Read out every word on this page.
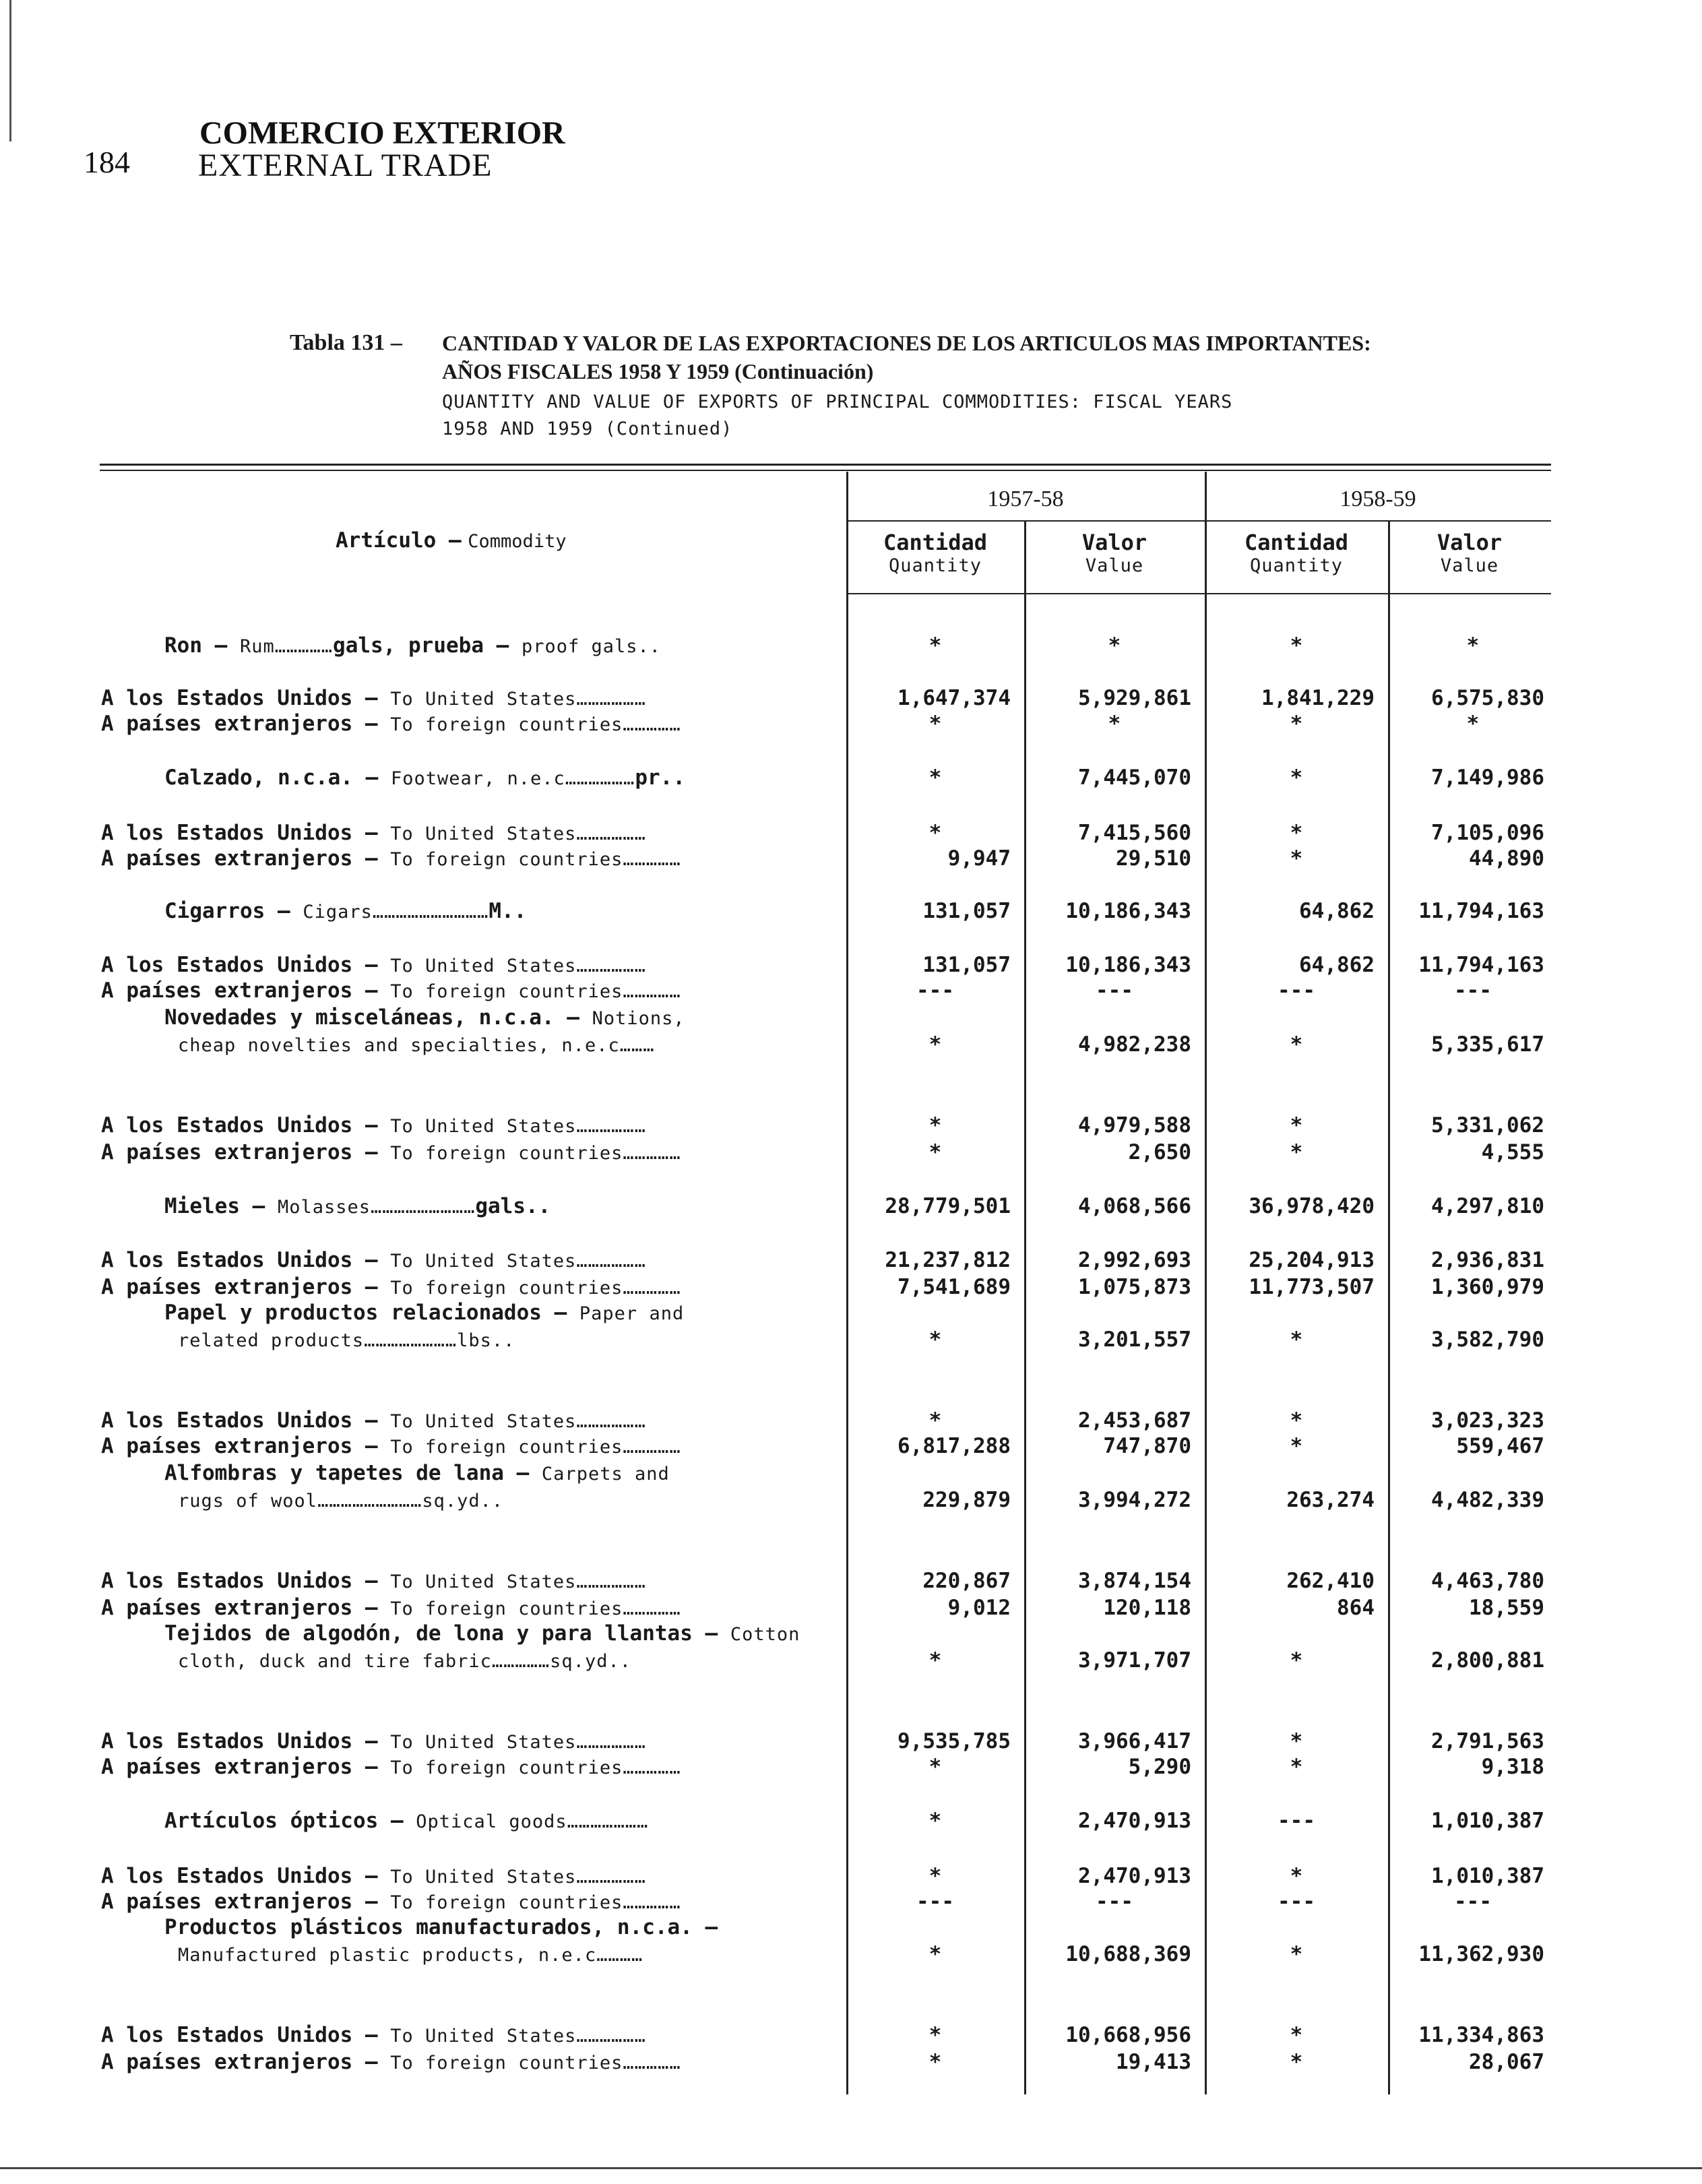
184
COMERCIO EXTERIOR
EXTERNAL TRADE
Tabla 131 – CANTIDAD Y VALOR DE LAS EXPORTACIONES DE LOS ARTICULOS MAS IMPORTANTES:
AÑOS FISCALES 1958 Y 1959 (Continuación)
QUANTITY AND VALUE OF EXPORTS OF PRINCIPAL COMMODITIES: FISCAL YEARS
1958 AND 1959 (Continued)
Artículo – Commodity
1957-58	1958-59
Cantidad
Quantity
Valor
Value
Cantidad
Quantity
Valor
Value
Ron – Rum……………gals, prueba – proof gals..	*	*	*	*
A los Estados Unidos – To United States………………	1,647,374	5,929,861	1,841,229	6,575,830
A países extranjeros – To foreign countries……………	*	*	*	*
Calzado, n.c.a. – Footwear, n.e.c………………pr..	*	7,445,070	*	7,149,986
A los Estados Unidos – To United States………………	*	7,415,560	*	7,105,096
A países extranjeros – To foreign countries……………	9,947	29,510	*	44,890
Cigarros – Cigars…………………………M..	131,057	10,186,343	64,862	11,794,163
A los Estados Unidos – To United States………………	131,057	10,186,343	64,862	11,794,163
A países extranjeros – To foreign countries……………	---	---	---	---
cheap novelties and specialties, n.e.c………
Novedades y misceláneas, n.c.a. – Notions,
*	4,982,238	*	5,335,617
A los Estados Unidos – To United States………………	*	4,979,588	*	5,331,062
A países extranjeros – To foreign countries……………	*	2,650	*	4,555
Mieles – Molasses………………………gals..	28,779,501	4,068,566	36,978,420	4,297,810
A los Estados Unidos – To United States………………	21,237,812	2,992,693	25,204,913	2,936,831
A países extranjeros – To foreign countries……………	7,541,689	1,075,873	11,773,507	1,360,979
related products……………………lbs..
Papel y productos relacionados – Paper and
*	3,201,557	*	3,582,790
A los Estados Unidos – To United States………………	*	2,453,687	*	3,023,323
A países extranjeros – To foreign countries……………	6,817,288	747,870	*	559,467
rugs of wool………………………sq.yd..
Alfombras y tapetes de lana – Carpets and
229,879	3,994,272	263,274	4,482,339
A los Estados Unidos – To United States………………	220,867	3,874,154	262,410	4,463,780
A países extranjeros – To foreign countries……………	9,012	120,118	864	18,559
cloth, duck and tire fabric……………sq.yd..
Tejidos de algodón, de lona y para llantas – Cotton
*	3,971,707	*	2,800,881
A los Estados Unidos – To United States………………	9,535,785	3,966,417	*	2,791,563
A países extranjeros – To foreign countries……………	*	5,290	*	9,318
Artículos ópticos – Optical goods…………………	*	2,470,913	---	1,010,387
A los Estados Unidos – To United States………………	*	2,470,913	*	1,010,387
A países extranjeros – To foreign countries……………	---	---	---	---
Manufactured plastic products, n.e.c…………
Productos plásticos manufacturados, n.c.a. –
*	10,688,369	*	11,362,930
A los Estados Unidos – To United States………………	*	10,668,956	*	11,334,863
A países extranjeros – To foreign countries……………	*	19,413	*	28,067
